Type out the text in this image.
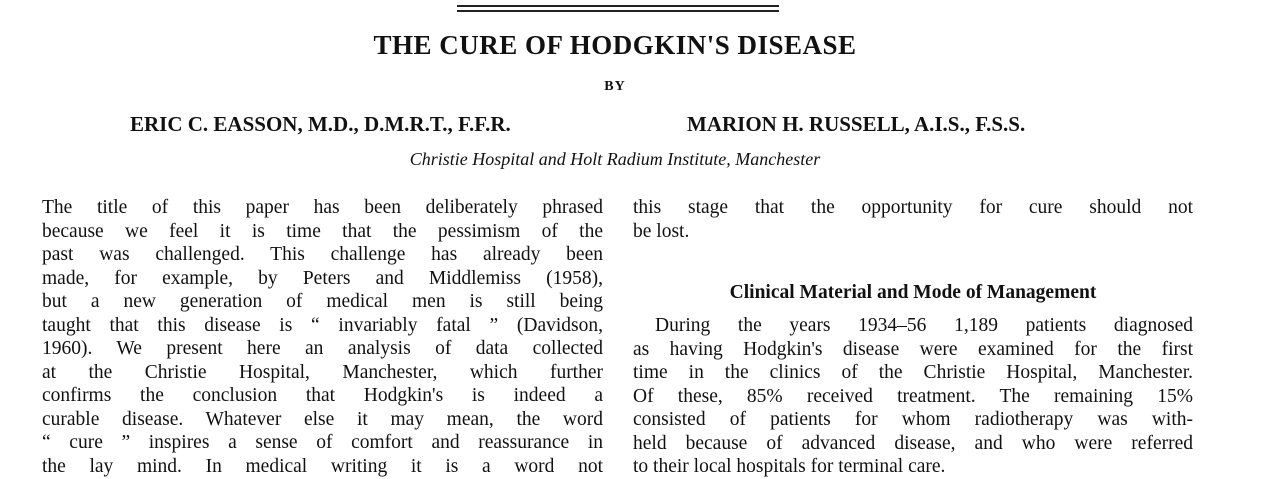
THE CURE OF HODGKIN'S DISEASE
BY
ERIC C. EASSON, M.D., D.M.R.T., F.F.R.	MARION H. RUSSELL, A.I.S., F.S.S.
Christie Hospital and Holt Radium Institute, Manchester
The title of this paper has been deliberately phrased
because we feel it is time that the pessimism of the
past was challenged. This challenge has already been
made, for example, by Peters and Middlemiss (1958),
but a new generation of medical men is still being
taught that this disease is “ invariably fatal ” (Davidson,
1960). We present here an analysis of data collected
at the Christie Hospital, Manchester, which further
confirms the conclusion that Hodgkin's is indeed a
curable disease. Whatever else it may mean, the word
“ cure ” inspires a sense of comfort and reassurance in
the lay mind. In medical writing it is a word not
this stage that the opportunity for cure should not
be lost.
Clinical Material and Mode of Management
During the years 1934–56 1,189 patients diagnosed
as having Hodgkin's disease were examined for the first
time in the clinics of the Christie Hospital, Manchester.
Of these, 85% received treatment. The remaining 15%
consisted of patients for whom radiotherapy was with-
held because of advanced disease, and who were referred
to their local hospitals for terminal care.
